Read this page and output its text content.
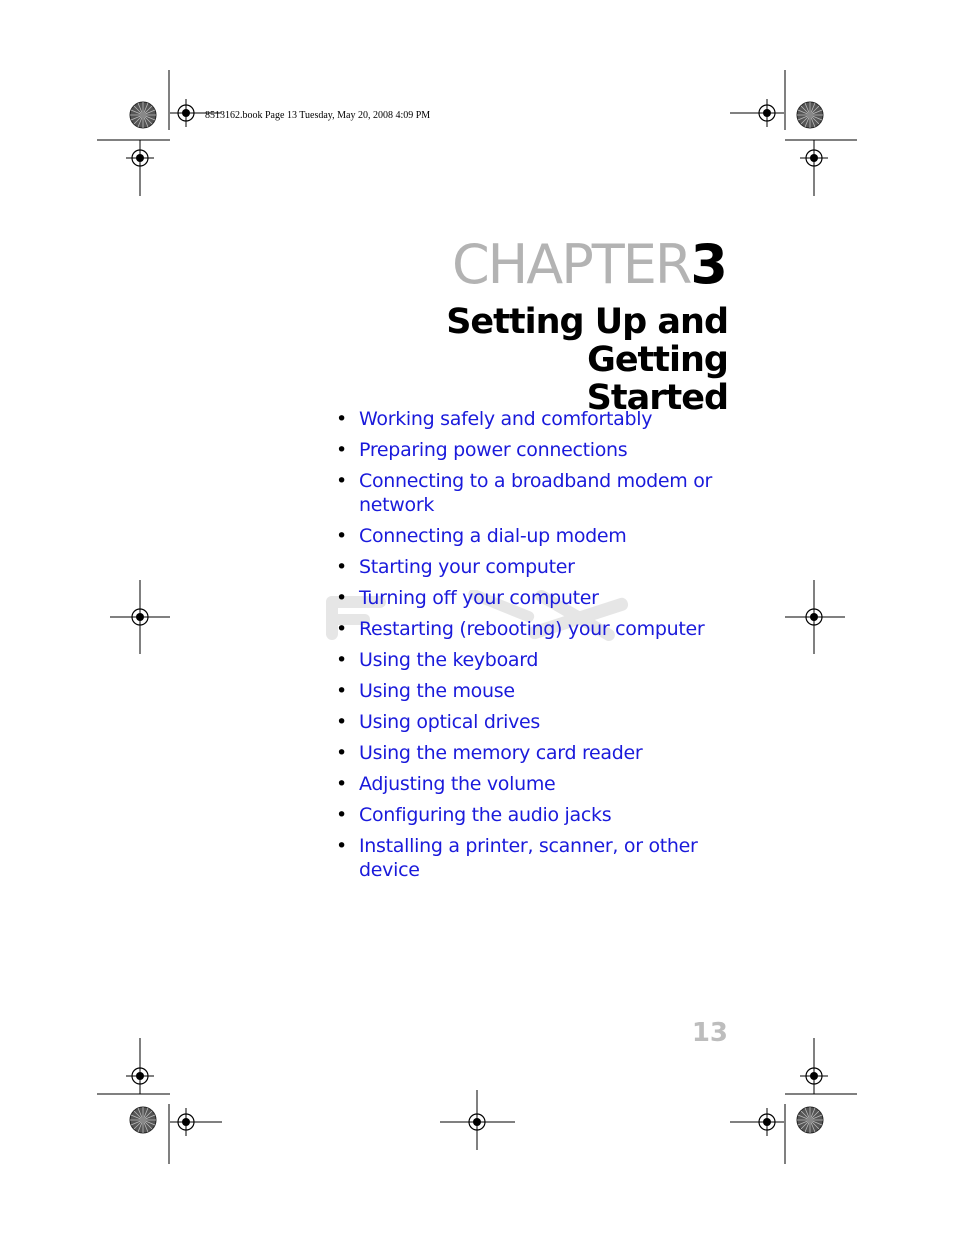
8513162.book Page 13 Tuesday, May 20, 2008 4:09 PM
CHAPTER3
Setting Up and Getting
Started
• Working safely and comfortably
• Preparing power connections
• Connecting to a broadband modem or
network
• Connecting a dial-up modem
• Starting your computer
• Turning off your computer
• Restarting (rebooting) your computer
• Using the keyboard
• Using the mouse
• Using optical drives
• Using the memory card reader
• Adjusting the volume
• Configuring the audio jacks
• Installing a printer, scanner, or other device
13
